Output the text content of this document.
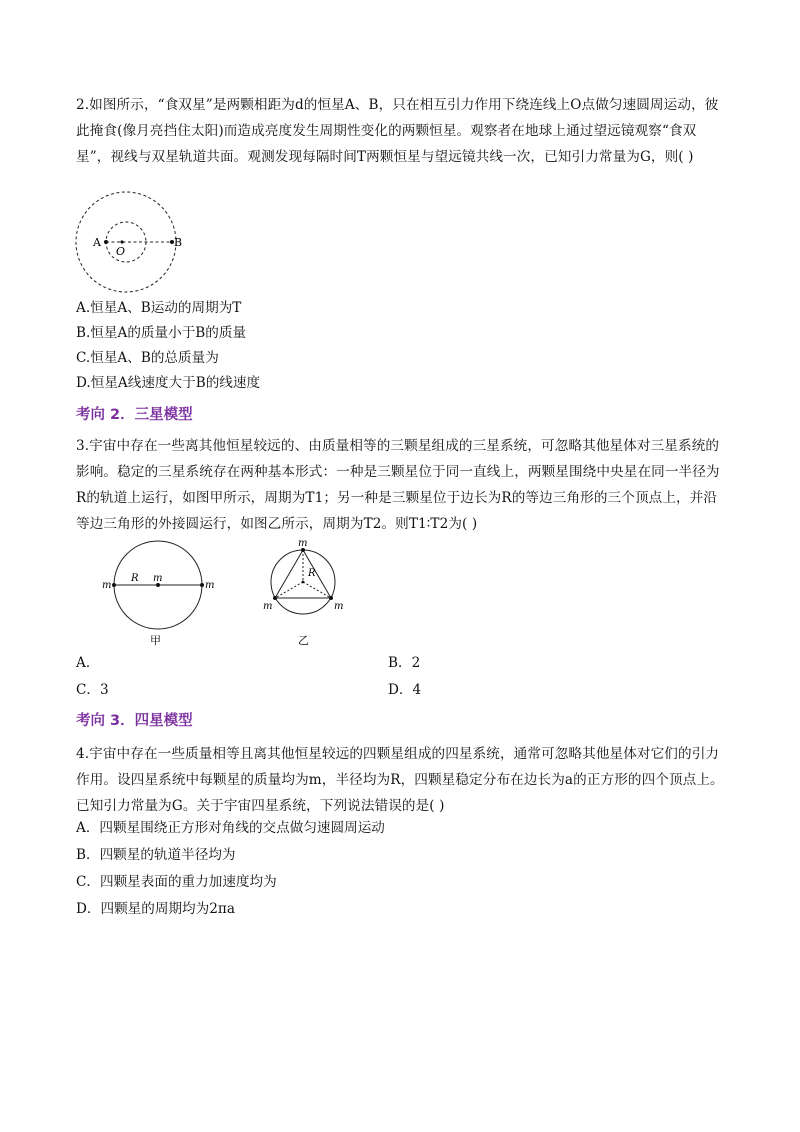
2.如图所示，“食双星”是两颗相距为d的恒星A、B，只在相互引力作用下绕连线上O点做匀速圆周运动，彼此掩食(像月亮挡住太阳)而造成亮度发生周期性变化的两颗恒星。观察者在地球上通过望远镜观察“食双星”，视线与双星轨道共面。观测发现每隔时间T两颗恒星与望远镜共线一次，已知引力常量为G，则( )
A	B
O
A.恒星A、B运动的周期为T
B.恒星A的质量小于B的质量
C.恒星A、B的总质量为
D.恒星A线速度大于B的线速度
考向 2．三星模型
3.宇宙中存在一些离其他恒星较远的、由质量相等的三颗星组成的三星系统，可忽略其他星体对三星系统的影响。稳定的三星系统存在两种基本形式：一种是三颗星位于同一直线上，两颗星围绕中央星在同一半径为R的轨道上运行，如图甲所示，周期为T1；另一种是三颗星位于边长为R的等边三角形的三个顶点上，并沿等边三角形的外接圆运行，如图乙所示，周期为T2。则T1∶T2为( )
m
R m
m
甲
m
m	m
R
乙
A．	B．2
C．3	D．4
考向 3．四星模型
4.宇宙中存在一些质量相等且离其他恒星较远的四颗星组成的四星系统，通常可忽略其他星体对它们的引力作用。设四星系统中每颗星的质量均为m，半径均为R，四颗星稳定分布在边长为a的正方形的四个顶点上。已知引力常量为G。关于宇宙四星系统，下列说法错误的是( )
A．四颗星围绕正方形对角线的交点做匀速圆周运动
B．四颗星的轨道半径均为
C．四颗星表面的重力加速度均为
D．四颗星的周期均为2πa
